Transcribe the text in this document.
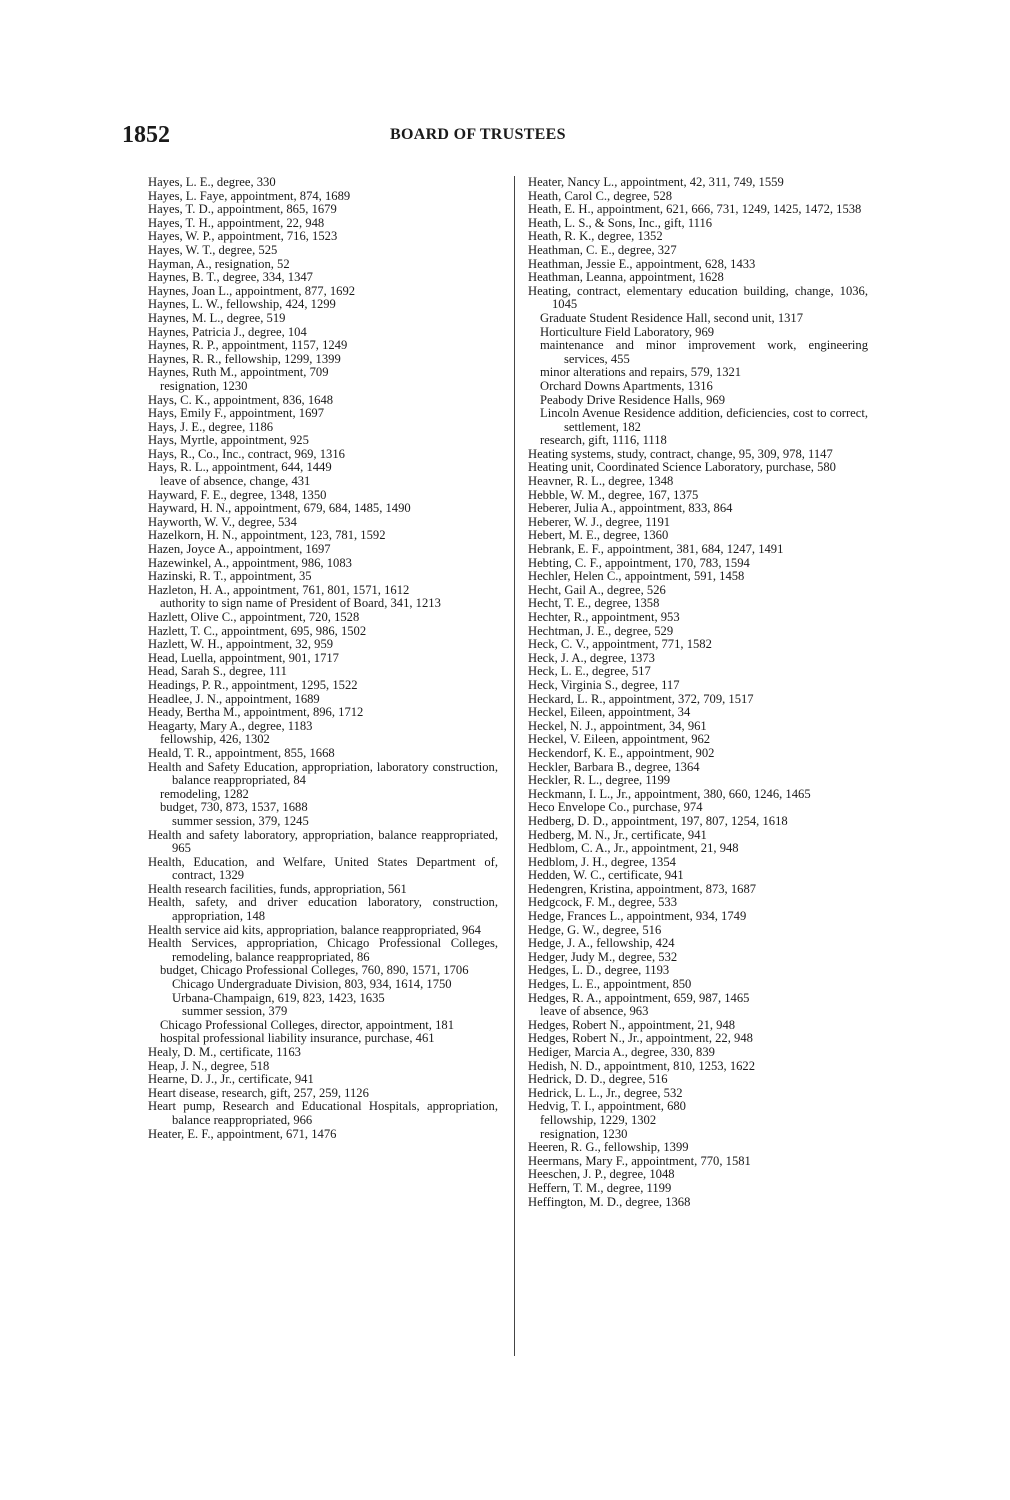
1852	BOARD OF TRUSTEES

Hayes, L. E., degree, 330

Hayes, L. Faye, appointment, 874, 1689

Hayes, T. D., appointment, 865, 1679

Hayes, T. H., appointment, 22, 948

Hayes, W. P., appointment, 716, 1523

Hayes, W. T., degree, 525

Hayman, A., resignation, 52

Haynes, B. T., degree, 334, 1347

Haynes, Joan L., appointment, 877, 1692

Haynes, L. W., fellowship, 424, 1299

Haynes, M. L., degree, 519

Haynes, Patricia J., degree, 104

Haynes, R. P., appointment, 1157, 1249

Haynes, R. R., fellowship, 1299, 1399

Haynes, Ruth M., appointment, 709

resignation, 1230

Hays, C. K., appointment, 836, 1648

Hays, Emily F., appointment, 1697

Hays, J. E., degree, 1186

Hays, Myrtle, appointment, 925

Hays, R., Co., Inc., contract, 969, 1316

Hays, R. L., appointment, 644, 1449

leave of absence, change, 431

Hayward, F. E., degree, 1348, 1350

Hayward, H. N., appointment, 679, 684, 1485, 1490

Hayworth, W. V., degree, 534

Hazelkorn, H. N., appointment, 123, 781, 1592

Hazen, Joyce A., appointment, 1697

Hazewinkel, A., appointment, 986, 1083

Hazinski, R. T., appointment, 35

Hazleton, H. A., appointment, 761, 801, 1571, 1612

authority to sign name of President of Board, 341, 1213

Hazlett, Olive C., appointment, 720, 1528

Hazlett, T. C., appointment, 695, 986, 1502

Hazlett, W. H., appointment, 32, 959

Head, Luella, appointment, 901, 1717

Head, Sarah S., degree, 111

Headings, P. R., appointment, 1295, 1522

Headlee, J. N., appointment, 1689

Heady, Bertha M., appointment, 896, 1712

Heagarty, Mary A., degree, 1183

fellowship, 426, 1302

Heald, T. R., appointment, 855, 1668

Health and Safety Education, appropriation, laboratory construction, balance reappropriated, 84

remodeling, 1282

budget, 730, 873, 1537, 1688

summer session, 379, 1245

Health and safety laboratory, appropriation, balance reappropriated, 965

Health, Education, and Welfare, United States Department of, contract, 1329

Health research facilities, funds, appropriation, 561

Health, safety, and driver education laboratory, construction, appropriation, 148

Health service aid kits, appropriation, balance reappropriated, 964

Health Services, appropriation, Chicago Professional Colleges, remodeling, balance reappropriated, 86

budget, Chicago Professional Colleges, 760, 890, 1571, 1706

Chicago Undergraduate Division, 803, 934, 1614, 1750

Urbana-Champaign, 619, 823, 1423, 1635

summer session, 379

Chicago Professional Colleges, director, appointment, 181

hospital professional liability insurance, purchase, 461

Healy, D. M., certificate, 1163

Heap, J. N., degree, 518

Hearne, D. J., Jr., certificate, 941

Heart disease, research, gift, 257, 259, 1126

Heart pump, Research and Educational Hospitals, appropriation, balance reappropriated, 966

Heater, E. F., appointment, 671, 1476

Heater, Nancy L., appointment, 42, 311, 749, 1559

Heath, Carol C., degree, 528

Heath, E. H., appointment, 621, 666, 731, 1249, 1425, 1472, 1538

Heath, L. S., & Sons, Inc., gift, 1116

Heath, R. K., degree, 1352

Heathman, C. E., degree, 327

Heathman, Jessie E., appointment, 628, 1433

Heathman, Leanna, appointment, 1628

Heating, contract, elementary education building, change, 1036, 1045

Graduate Student Residence Hall, second unit, 1317

Horticulture Field Laboratory, 969

maintenance and minor improvement work, engineering services, 455

minor alterations and repairs, 579, 1321

Orchard Downs Apartments, 1316

Peabody Drive Residence Halls, 969

Lincoln Avenue Residence addition, deficiencies, cost to correct, settlement, 182

research, gift, 1116, 1118

Heating systems, study, contract, change, 95, 309, 978, 1147

Heating unit, Coordinated Science Laboratory, purchase, 580

Heavner, R. L., degree, 1348

Hebble, W. M., degree, 167, 1375

Heberer, Julia A., appointment, 833, 864

Heberer, W. J., degree, 1191

Hebert, M. E., degree, 1360

Hebrank, E. F., appointment, 381, 684, 1247, 1491

Hebting, C. F., appointment, 170, 783, 1594

Hechler, Helen C., appointment, 591, 1458

Hecht, Gail A., degree, 526

Hecht, T. E., degree, 1358

Hechter, R., appointment, 953

Hechtman, J. E., degree, 529

Heck, C. V., appointment, 771, 1582

Heck, J. A., degree, 1373

Heck, L. E., degree, 517

Heck, Virginia S., degree, 117

Heckard, L. R., appointment, 372, 709, 1517

Heckel, Eileen, appointment, 34

Heckel, N. J., appointment, 34, 961

Heckel, V. Eileen, appointment, 962

Heckendorf, K. E., appointment, 902

Heckler, Barbara B., degree, 1364

Heckler, R. L., degree, 1199

Heckmann, I. L., Jr., appointment, 380, 660, 1246, 1465

Heco Envelope Co., purchase, 974

Hedberg, D. D., appointment, 197, 807, 1254, 1618

Hedberg, M. N., Jr., certificate, 941

Hedblom, C. A., Jr., appointment, 21, 948

Hedblom, J. H., degree, 1354

Hedden, W. C., certificate, 941

Hedengren, Kristina, appointment, 873, 1687

Hedgcock, F. M., degree, 533

Hedge, Frances L., appointment, 934, 1749

Hedge, G. W., degree, 516

Hedge, J. A., fellowship, 424

Hedger, Judy M., degree, 532

Hedges, L. D., degree, 1193

Hedges, L. E., appointment, 850

Hedges, R. A., appointment, 659, 987, 1465

leave of absence, 963

Hedges, Robert N., appointment, 21, 948

Hedges, Robert N., Jr., appointment, 22, 948

Hediger, Marcia A., degree, 330, 839

Hedish, N. D., appointment, 810, 1253, 1622

Hedrick, D. D., degree, 516

Hedrick, L. L., Jr., degree, 532

Hedvig, T. I., appointment, 680

fellowship, 1229, 1302

resignation, 1230

Heeren, R. G., fellowship, 1399

Heermans, Mary F., appointment, 770, 1581

Heeschen, J. P., degree, 1048

Heffern, T. M., degree, 1199

Heffington, M. D., degree, 1368
